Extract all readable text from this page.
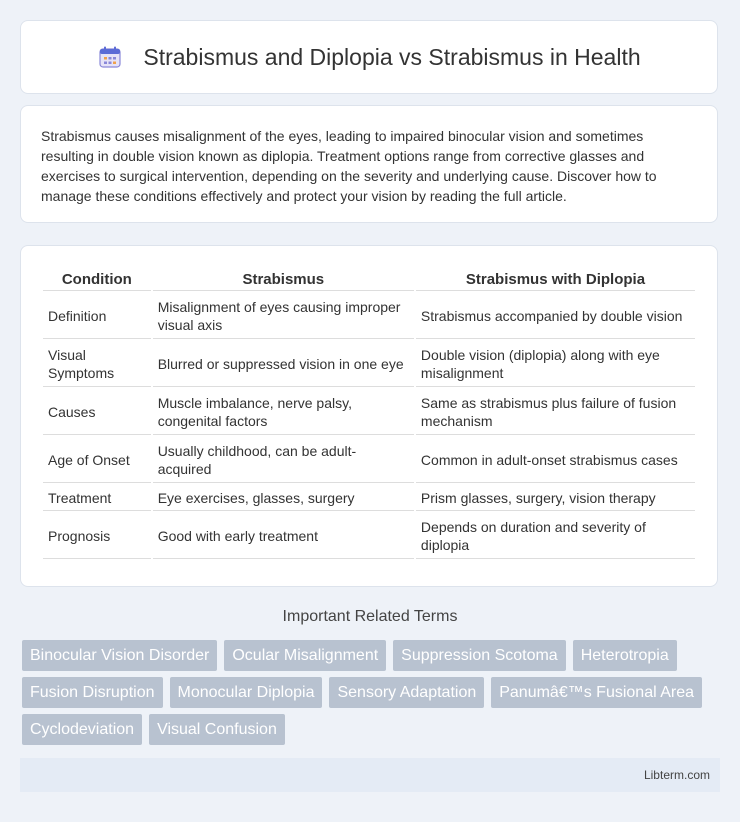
Strabismus and Diplopia vs Strabismus in Health
Strabismus causes misalignment of the eyes, leading to impaired binocular vision and sometimes resulting in double vision known as diplopia. Treatment options range from corrective glasses and exercises to surgical intervention, depending on the severity and underlying cause. Discover how to manage these conditions effectively and protect your vision by reading the full article.
Condition	Strabismus	Strabismus with Diplopia
Definition	Misalignment of eyes causing improper visual axis	Strabismus accompanied by double vision
Visual Symptoms	Blurred or suppressed vision in one eye	Double vision (diplopia) along with eye misalignment
Causes	Muscle imbalance, nerve palsy, congenital factors	Same as strabismus plus failure of fusion mechanism
Age of Onset	Usually childhood, can be adult-acquired	Common in adult-onset strabismus cases
Treatment	Eye exercises, glasses, surgery	Prism glasses, surgery, vision therapy
Prognosis	Good with early treatment	Depends on duration and severity of diplopia
Important Related Terms
Binocular Vision Disorder	Ocular Misalignment	Suppression Scotoma	Heterotropia
Fusion Disruption	Monocular Diplopia	Sensory Adaptation	Panumâ€™s Fusional Area
Cyclodeviation	Visual Confusion
Libterm.com
